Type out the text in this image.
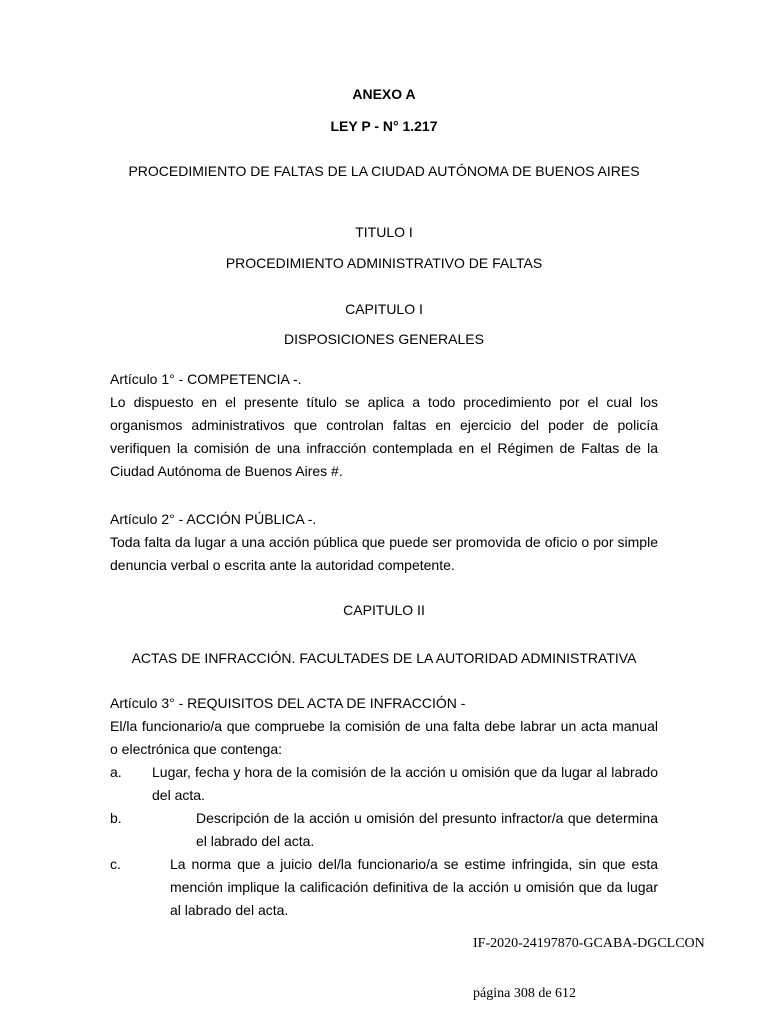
ANEXO A

LEY P - N° 1.217

PROCEDIMIENTO DE FALTAS DE LA CIUDAD AUTÓNOMA DE BUENOS AIRES

TITULO I

PROCEDIMIENTO ADMINISTRATIVO DE FALTAS

CAPITULO I

DISPOSICIONES GENERALES

Artículo 1° - COMPETENCIA -.

Lo dispuesto en el presente título se aplica a todo procedimiento por el cual los organismos administrativos que controlan faltas en ejercicio del poder de policía verifiquen la comisión de una infracción contemplada en el Régimen de Faltas de la Ciudad Autónoma de Buenos Aires #.

Artículo 2° - ACCIÓN PÚBLICA -.

Toda falta da lugar a una acción pública que puede ser promovida de oficio o por simple denuncia verbal o escrita ante la autoridad competente.

CAPITULO II

ACTAS DE INFRACCIÓN. FACULTADES DE LA AUTORIDAD ADMINISTRATIVA

Artículo 3° - REQUISITOS DEL ACTA DE INFRACCIÓN -

El/la funcionario/a que compruebe la comisión de una falta debe labrar un acta manual o electrónica que contenga:

a.	Lugar, fecha y hora de la comisión de la acción u omisión que da lugar al labrado del acta.
b.	Descripción de la acción u omisión del presunto infractor/a que determina el labrado del acta.
c.	La norma que a juicio del/la funcionario/a se estime infringida, sin que esta mención implique la calificación definitiva de la acción u omisión que da lugar al labrado del acta.

IF-2020-24197870-GCABA-DGCLCON

página 308 de 612
